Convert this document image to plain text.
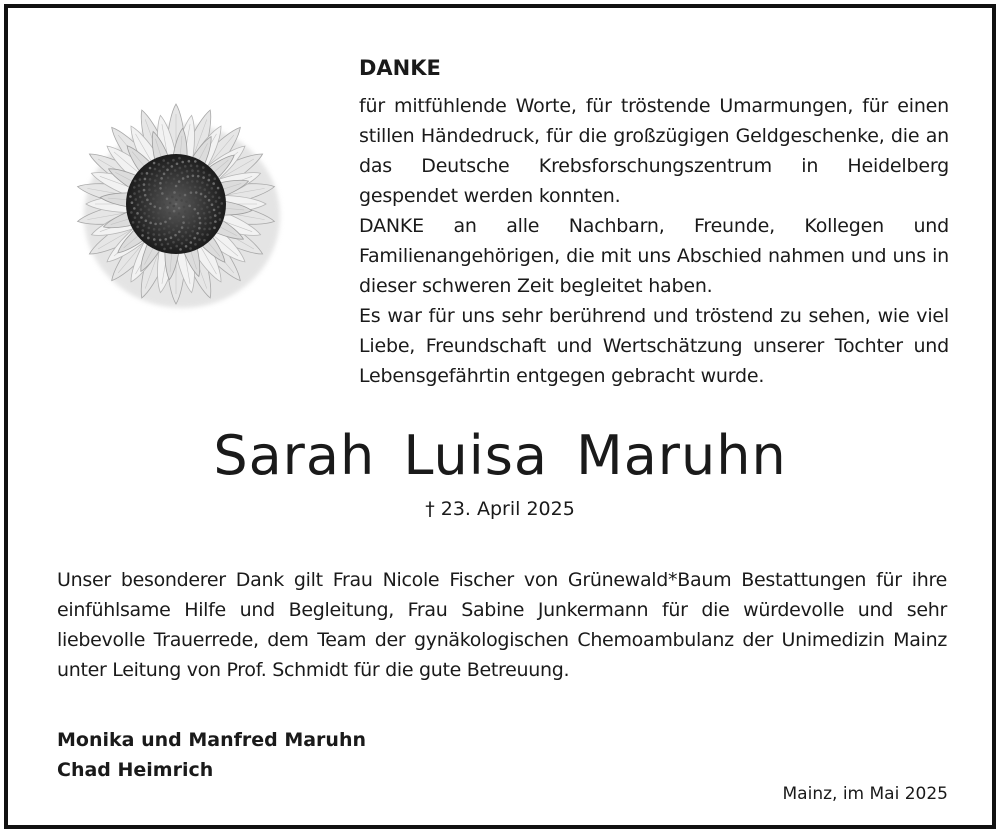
DANKE

für mitfühlende Worte, für tröstende Umarmungen, für einen stillen Händedruck, für die großzügigen Geldgeschenke, die an das Deutsche Krebsforschungszentrum in Heidelberg gespendet werden konnten.

DANKE an alle Nachbarn, Freunde, Kollegen und Familienangehörigen, die mit uns Abschied nahmen und uns in dieser schweren Zeit begleitet haben.

Es war für uns sehr berührend und tröstend zu sehen, wie viel Liebe, Freundschaft und Wertschätzung unserer Tochter und Lebensgefährtin entgegen gebracht wurde.

Sarah Luisa Maruhn
† 23. April 2025
Unser besonderer Dank gilt Frau Nicole Fischer von Grünewald*Baum Bestattungen für ihre einfühlsame Hilfe und Begleitung, Frau Sabine Junkermann für die würdevolle und sehr liebevolle Trauerrede, dem Team der gynäkologischen Chemoambulanz der Unimedizin Mainz unter Leitung von Prof. Schmidt für die gute Betreuung.
Monika und Manfred Maruhn
Chad Heimrich
Mainz, im Mai 2025
